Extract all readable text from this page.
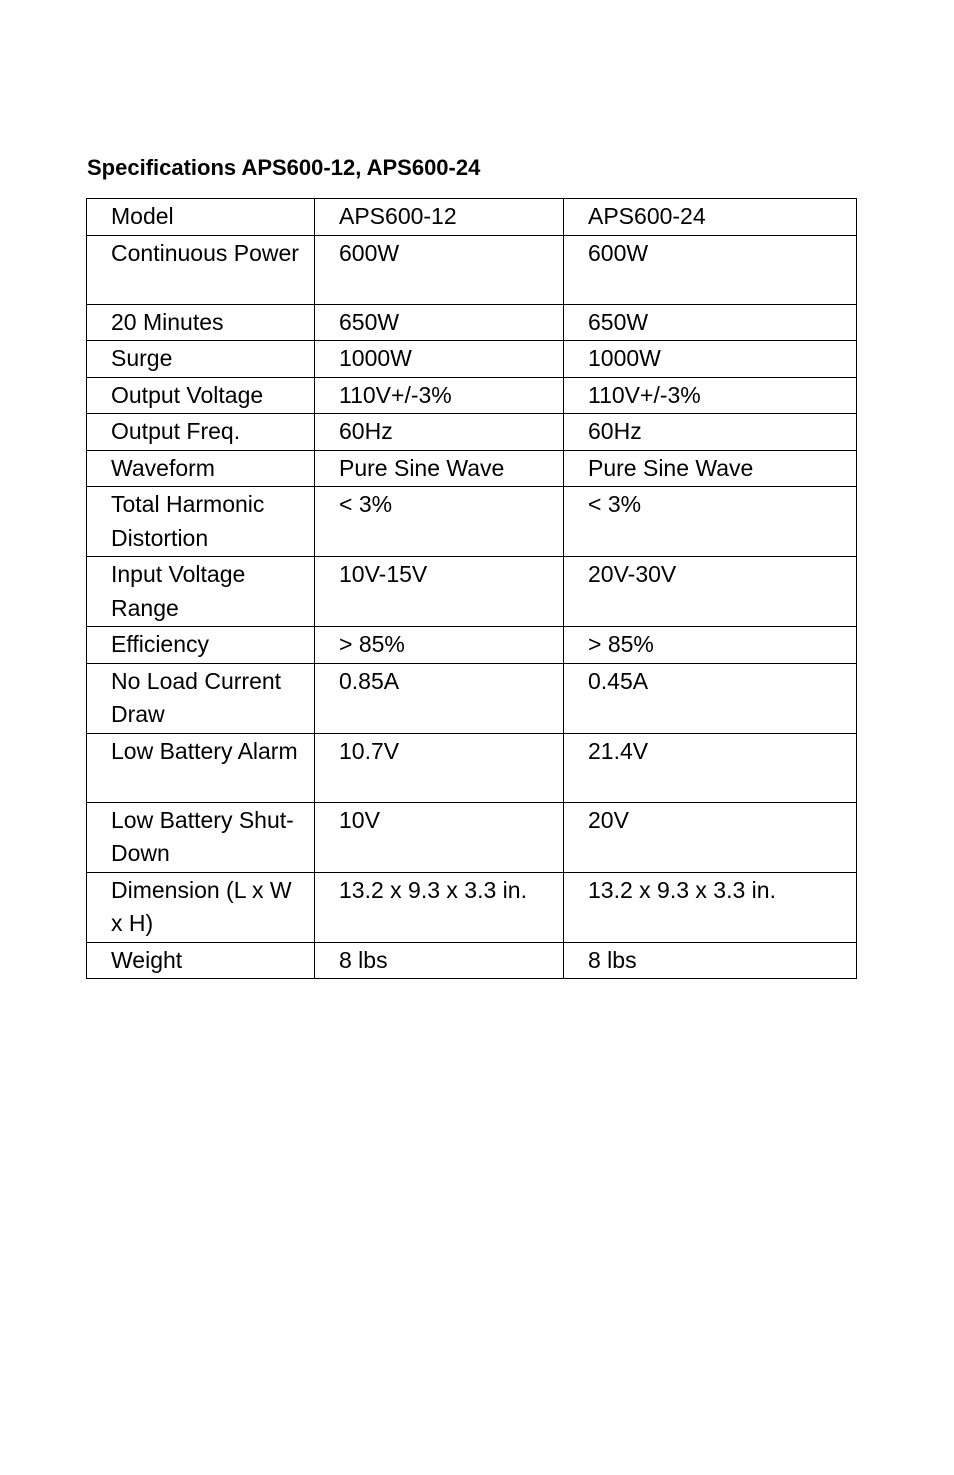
Specifications APS600-12, APS600-24
Model	APS600-12	APS600-24
Continuous Power	600W	600W
20 Minutes	650W	650W
Surge	1000W	1000W
Output Voltage	110V+/-3%	110V+/-3%
Output Freq.	60Hz	60Hz
Waveform	Pure Sine Wave	Pure Sine Wave
Total Harmonic Distortion	< 3%	< 3%
Input Voltage Range	10V-15V	20V-30V
Efficiency	> 85%	> 85%
No Load Current Draw	0.85A	0.45A
Low Battery Alarm	10.7V	21.4V
Low Battery Shut-Down	10V	20V
Dimension (L x W x H)	13.2 x 9.3 x 3.3 in.	13.2 x 9.3 x 3.3 in.
Weight	8 lbs	8 lbs
